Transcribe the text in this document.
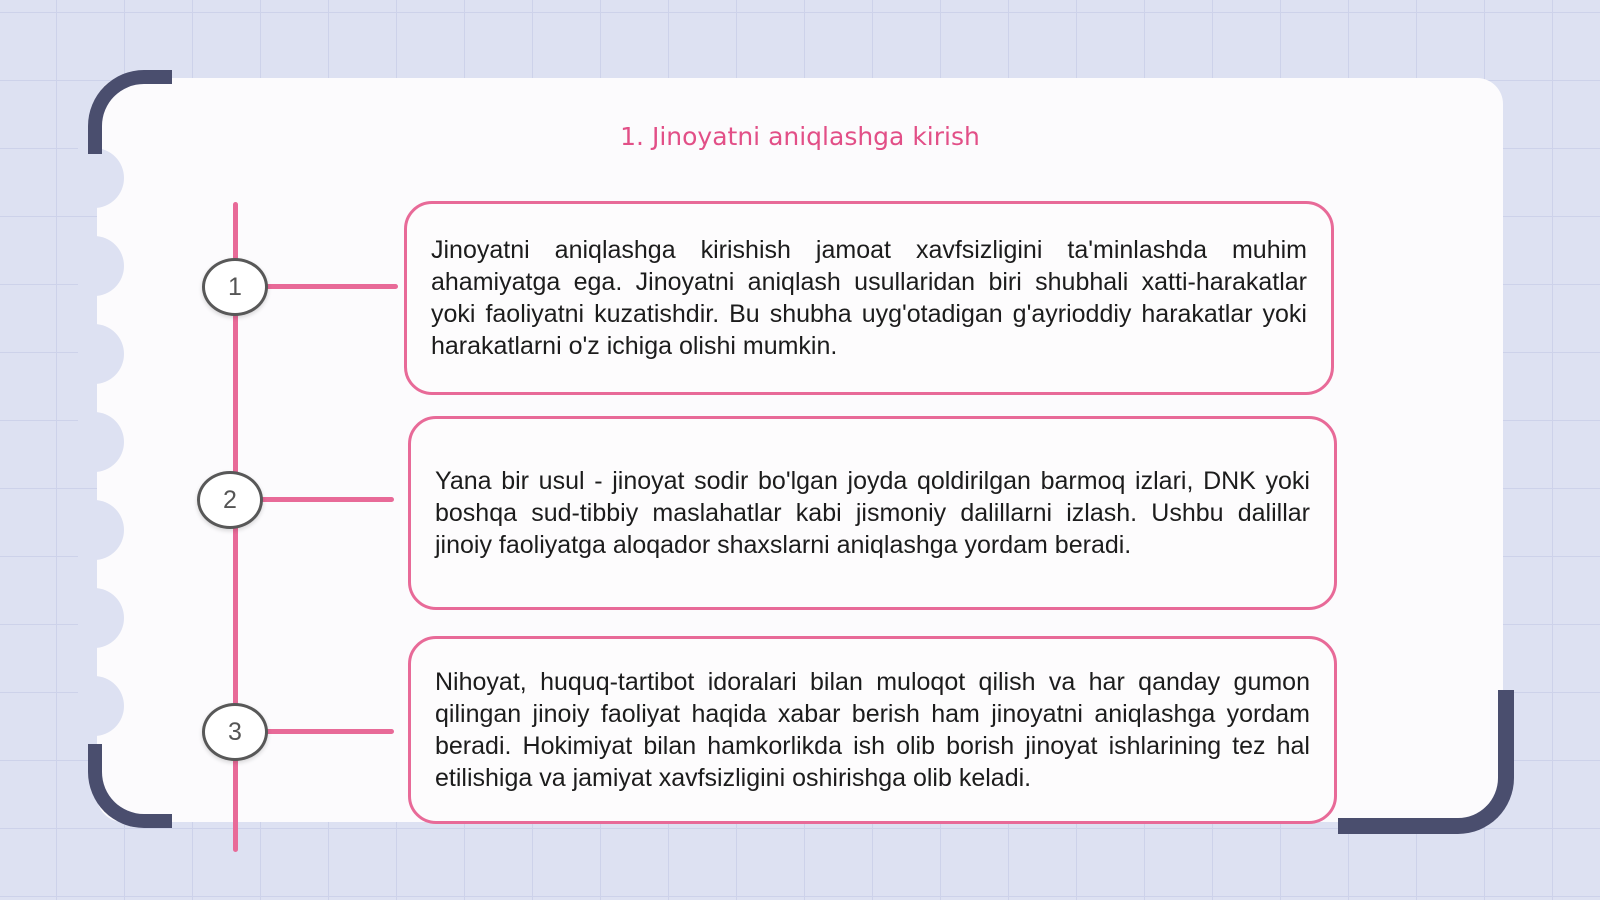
1. Jinoyatni aniqlashga kirish
1

Jinoyatni aniqlashga kirishish jamoat xavfsizligini ta'minlashda muhim ahamiyatga ega. Jinoyatni aniqlash usullaridan biri shubhali xatti-harakatlar yoki faoliyatni kuzatishdir. Bu shubha uyg'otadigan g'ayrioddiy harakatlar yoki harakatlarni o'z ichiga olishi mumkin.

2

Yana bir usul - jinoyat sodir bo'lgan joyda qoldirilgan barmoq izlari, DNK yoki boshqa sud-tibbiy maslahatlar kabi jismoniy dalillarni izlash. Ushbu dalillar jinoiy faoliyatga aloqador shaxslarni aniqlashga yordam beradi.

3

Nihoyat, huquq-tartibot idoralari bilan muloqot qilish va har qanday gumon qilingan jinoiy faoliyat haqida xabar berish ham jinoyatni aniqlashga yordam beradi. Hokimiyat bilan hamkorlikda ish olib borish jinoyat ishlarining tez hal etilishiga va jamiyat xavfsizligini oshirishga olib keladi.
